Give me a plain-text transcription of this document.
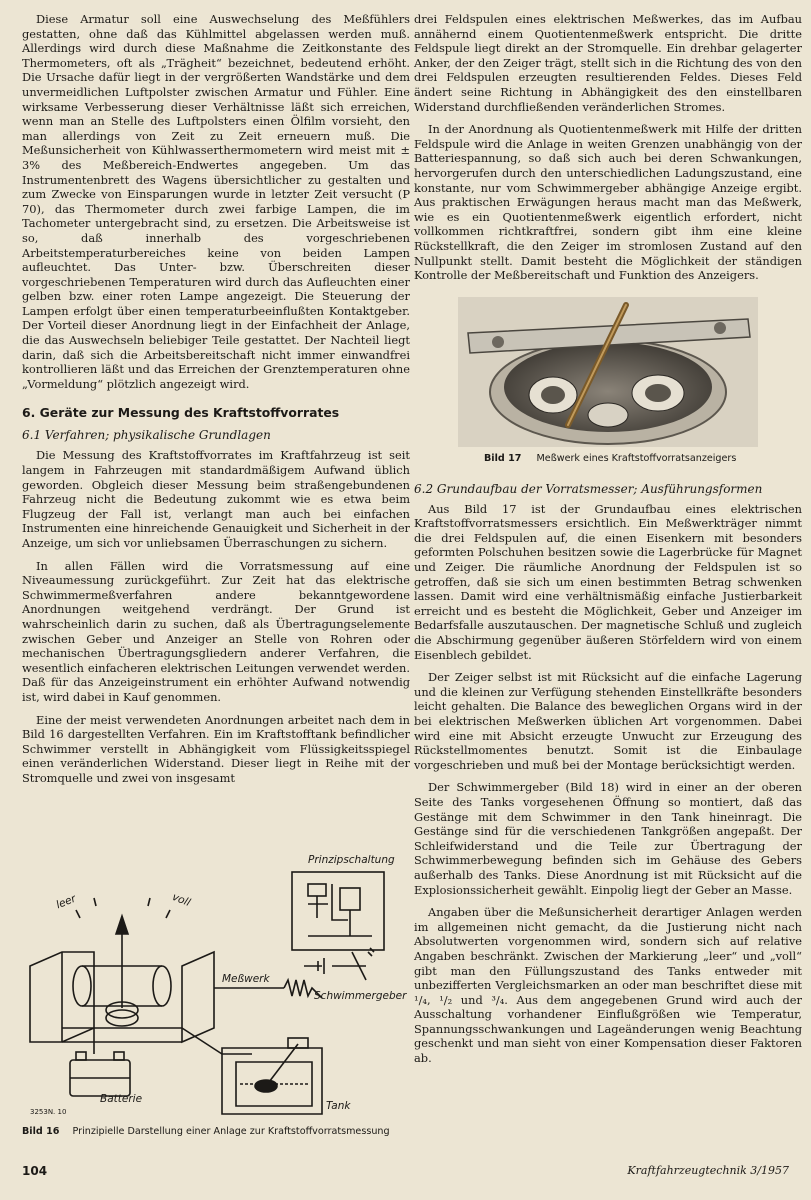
Diese Armatur soll eine Auswechselung des Meßfühlers gestatten, ohne daß das Kühlmittel abgelassen werden muß. Allerdings wird durch diese Maßnahme die Zeitkonstante des Thermometers, oft als „Trägheit“ bezeichnet, bedeutend erhöht. Die Ursache dafür liegt in der vergrößerten Wandstärke und dem unvermeidlichen Luftpolster zwischen Armatur und Fühler. Eine wirksame Verbesserung dieser Verhältnisse läßt sich erreichen, wenn man an Stelle des Luftpolsters einen Ölfilm vorsieht, den man allerdings von Zeit zu Zeit erneuern muß. Die Meßunsicherheit von Kühlwasserthermometern wird meist mit ± 3% des Meßbereich-Endwertes angegeben. Um das Instrumentenbrett des Wagens übersichtlicher zu gestalten und zum Zwecke von Einsparungen wurde in letzter Zeit versucht (P 70), das Thermometer durch zwei farbige Lampen, die im Tachometer untergebracht sind, zu ersetzen. Die Arbeitsweise ist so, daß innerhalb des vorgeschriebenen Arbeitstemperaturbereiches keine von beiden Lampen aufleuchtet. Das Unter- bzw. Überschreiten dieser vorgeschriebenen Temperaturen wird durch das Aufleuchten einer gelben bzw. einer roten Lampe angezeigt. Die Steuerung der Lampen erfolgt über einen temperaturbeeinflußten Kontaktgeber. Der Vorteil dieser Anordnung liegt in der Einfachheit der Anlage, die das Auswechseln beliebiger Teile gestattet. Der Nachteil liegt darin, daß sich die Arbeitsbereitschaft nicht immer einwandfrei kontrollieren läßt und das Erreichen der Grenztemperaturen ohne „Vormeldung“ plötzlich angezeigt wird.

6. Geräte zur Messung des Kraftstoffvorrates
6.1 Verfahren; physikalische Grundlagen

Die Messung des Kraftstoffvorrates im Kraftfahrzeug ist seit langem in Fahrzeugen mit standardmäßigem Aufwand üblich geworden. Obgleich dieser Messung beim straßengebundenen Fahrzeug nicht die Bedeutung zukommt wie es etwa beim Flugzeug der Fall ist, verlangt man auch bei einfachen Instrumenten eine hinreichende Genauigkeit und Sicherheit in der Anzeige, um sich vor unliebsamen Überraschungen zu sichern.

In allen Fällen wird die Vorratsmessung auf eine Niveaumessung zurückgeführt. Zur Zeit hat das elektrische Schwimmermeßverfahren andere bekanntgewordene Anordnungen weitgehend verdrängt. Der Grund ist wahrscheinlich darin zu suchen, daß als Übertragungselemente zwischen Geber und Anzeiger an Stelle von Rohren oder mechanischen Übertragungsgliedern anderer Verfahren, die wesentlich einfacheren elektrischen Leitungen verwendet werden. Daß für das Anzeigeinstrument ein erhöhter Aufwand notwendig ist, wird dabei in Kauf genommen.

Eine der meist verwendeten Anordnungen arbeitet nach dem in Bild 16 dargestellten Verfahren. Ein im Kraftstofftank befindlicher Schwimmer verstellt in Abhängigkeit vom Flüssigkeitsspiegel einen veränderlichen Widerstand. Dieser liegt in Reihe mit der Stromquelle und zwei von insgesamt

drei Feldspulen eines elektrischen Meßwerkes, das im Aufbau annähernd einem Quotientenmeßwerk entspricht. Die dritte Feldspule liegt direkt an der Stromquelle. Ein drehbar gelagerter Anker, der den Zeiger trägt, stellt sich in die Richtung des von den drei Feldspulen erzeugten resultierenden Feldes. Dieses Feld ändert seine Richtung in Abhängigkeit des den einstellbaren Widerstand durchfließenden veränderlichen Stromes.

In der Anordnung als Quotientenmeßwerk mit Hilfe der dritten Feldspule wird die Anlage in weiten Grenzen unabhängig von der Batteriespannung, so daß sich auch bei deren Schwankungen, hervorgerufen durch den unterschiedlichen Ladungszustand, eine konstante, nur vom Schwimmergeber abhängige Anzeige ergibt. Aus praktischen Erwägungen heraus macht man das Meßwerk, wie es ein Quotientenmeßwerk eigentlich erfordert, nicht vollkommen richtkraftfrei, sondern gibt ihm eine kleine Rückstellkraft, die den Zeiger im stromlosen Zustand auf den Nullpunkt stellt. Damit besteht die Möglichkeit der ständigen Kontrolle der Meßbereitschaft und Funktion des Anzeigers.

Bild 17 Meßwerk eines Kraftstoffvorratsanzeigers
6.2 Grundaufbau der Vorratsmesser; Ausführungsformen

Aus Bild 17 ist der Grundaufbau eines elektrischen Kraftstoffvorratsmessers ersichtlich. Ein Meßwerkträger nimmt die drei Feldspulen auf, die einen Eisenkern mit besonders geformten Polschuhen besitzen sowie die Lagerbrücke für Magnet und Zeiger. Die räumliche Anordnung der Feldspulen ist so getroffen, daß sie sich um einen bestimmten Betrag schwenken lassen. Damit wird eine verhältnismäßig einfache Justierbarkeit erreicht und es besteht die Möglichkeit, Geber und Anzeiger im Bedarfsfalle auszutauschen. Der magnetische Schluß und zugleich die Abschirmung gegenüber äußeren Störfeldern wird von einem Eisenblech gebildet.

Der Zeiger selbst ist mit Rücksicht auf die einfache Lagerung und die kleinen zur Verfügung stehenden Einstellkräfte besonders leicht gehalten. Die Balance des beweglichen Organs wird in der bei elektrischen Meßwerken üblichen Art vorgenommen. Dabei wird eine mit Absicht erzeugte Unwucht zur Erzeugung des Rückstellmomentes benutzt. Somit ist die Einbaulage vorgeschrieben und muß bei der Montage berücksichtigt werden.

Der Schwimmergeber (Bild 18) wird in einer an der oberen Seite des Tanks vorgesehenen Öffnung so montiert, daß das Gestänge mit dem Schwimmer in den Tank hineinragt. Die Gestänge sind für die verschiedenen Tankgrößen angepaßt. Der Schleifwiderstand und die Teile zur Übertragung der Schwimmerbewegung befinden sich im Gehäuse des Gebers außerhalb des Tanks. Diese Anordnung ist mit Rücksicht auf die Explosionssicherheit gewählt. Einpolig liegt der Geber an Masse.

Angaben über die Meßunsicherheit derartiger Anlagen werden im allgemeinen nicht gemacht, da die Justierung nicht nach Absolutwerten vorgenommen wird, sondern sich auf relative Angaben beschränkt. Zwischen der Markierung „leer“ und „voll“ gibt man den Füllungszustand des Tanks entweder mit unbezifferten Vergleichsmarken an oder man beschriftet diese mit ¹/₄, ¹/₂ und ³/₄. Aus dem angegebenen Grund wird auch der Ausschaltung vorhandener Einflußgrößen wie Temperatur, Spannungsschwankungen und Lageänderungen wenig Beachtung geschenkt und man sieht von einer Kompensation dieser Faktoren ab.

Prinzipschaltung
leer	voll
Meßwerk
Schwimmergeber
Batterie
Tank
3253N. 10
Bild 16 Prinzipielle Darstellung einer Anlage zur Kraftstoffvorratsmessung
104	Kraftfahrzeugtechnik 3/1957
